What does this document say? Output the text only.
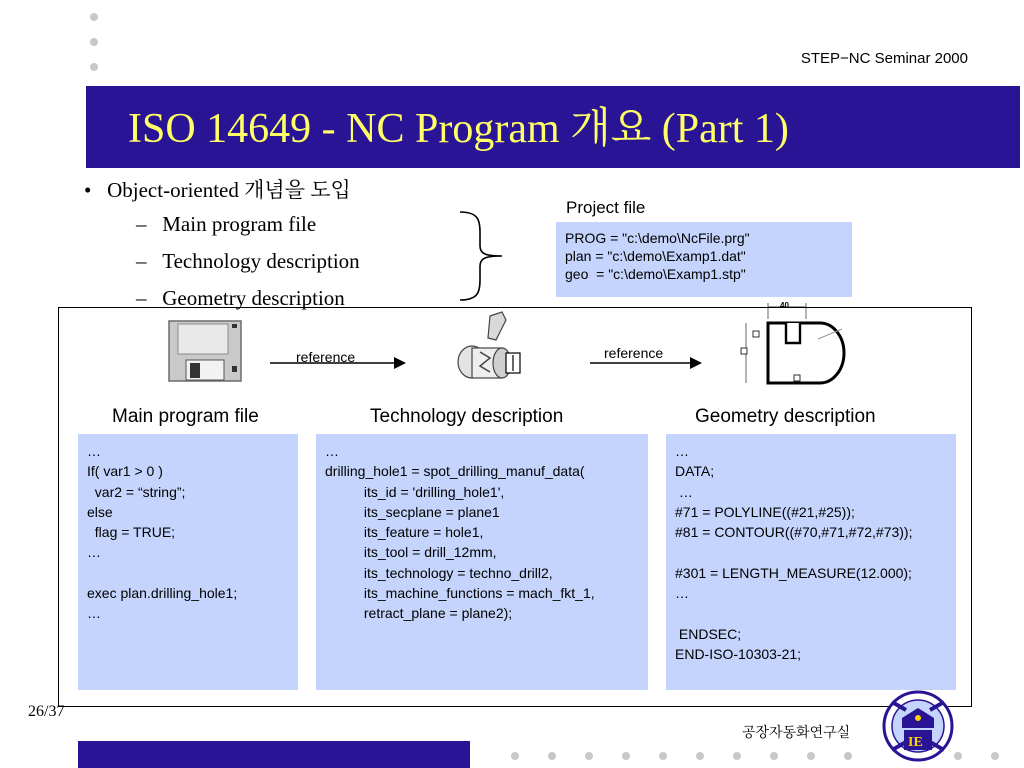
STEP−NC Seminar 2000
ISO 14649 - NC Program 개요 (Part 1)
• Object-oriented 개념을 도입
– Main program file
– Technology description
– Geometry description
Project file
PROG = "c:\demo\NcFile.prg"
plan = "c:\demo\Examp1.dat"
geo  = "c:\demo\Examp1.stp"
reference	reference
40
Main program file	Technology description	Geometry description
…
If( var1 > 0 )
var2 = “string”;
else
flag = TRUE;
…

exec plan.drilling_hole1;
…
…
drilling_hole1 = spot_drilling_manuf_data(
its_id = 'drilling_hole1',
its_secplane = plane1
its_feature = hole1,
its_tool = drill_12mm,
its_technology = techno_drill2,
its_machine_functions = mach_fkt_1,
retract_plane = plane2);
…
DATA;
…
#71 = POLYLINE((#21,#25));
#81 = CONTOUR((#70,#71,#72,#73));

#301 = LENGTH_MEASURE(12.000);
…

ENDSEC;
END-ISO-10303-21;
26/37
공장자동화연구실
IE
